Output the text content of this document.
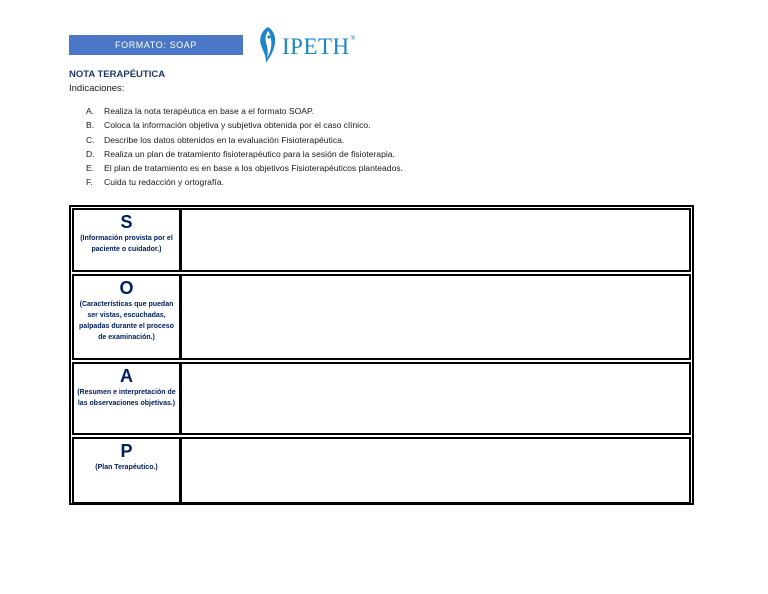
FORMATO: SOAP	IPETH ®
NOTA TERAPÉUTICA
Indicaciones:
A.	Realiza la nota terapéutica en base a el formato SOAP.
B.	Coloca la información objetiva y subjetiva obtenida por el caso clínico.
C.	Describe los datos obtenidos en la evaluación Fisioterapéutica.
D.	Realiza un plan de tratamiento fisioterapéutico para la sesión de fisioterapia.
E.	El plan de tratamiento es en base a los objetivos Fisioterapéuticos planteados.
F.	Cuida tu redacción y ortografía.
S
(Información provista por el paciente o cuidador.)
O
(Características que puedan ser vistas, escuchadas, palpadas durante el proceso de examinación.)
A
(Resumen e interpretación de las observaciones objetivas.)
P
(Plan Terapéutico.)
